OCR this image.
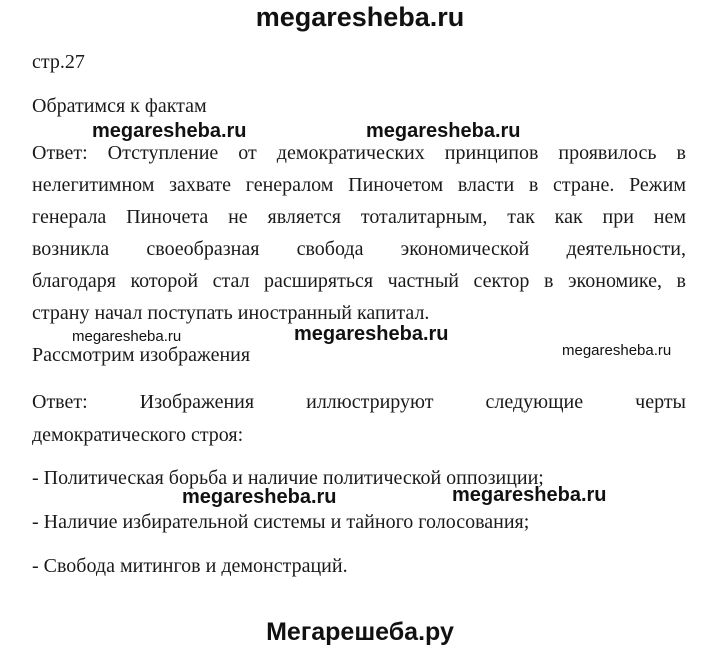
megaresheba.ru
megaresheba.ru	megaresheba.ru
megaresheba.ru	megaresheba.ru
megaresheba.ru
megaresheba.ru	megaresheba.ru
стр.27
Обратимся к фактам
Ответ: Отступление от демократических принципов проявилось в
нелегитимном захвате генералом Пиночетом власти в стране. Режим
генерала Пиночета не является тоталитарным, так как при нем
возникла своеобразная свобода экономической деятельности,
благодаря которой стал расширяться частный сектор в экономике, в
страну начал поступать иностранный капитал.
Рассмотрим изображения
Ответ: Изображения иллюстрируют следующие черты
демократического строя:
- Политическая борьба и наличие политической оппозиции;
- Наличие избирательной системы и тайного голосования;
- Свобода митингов и демонстраций.
Мегарешеба.ру
